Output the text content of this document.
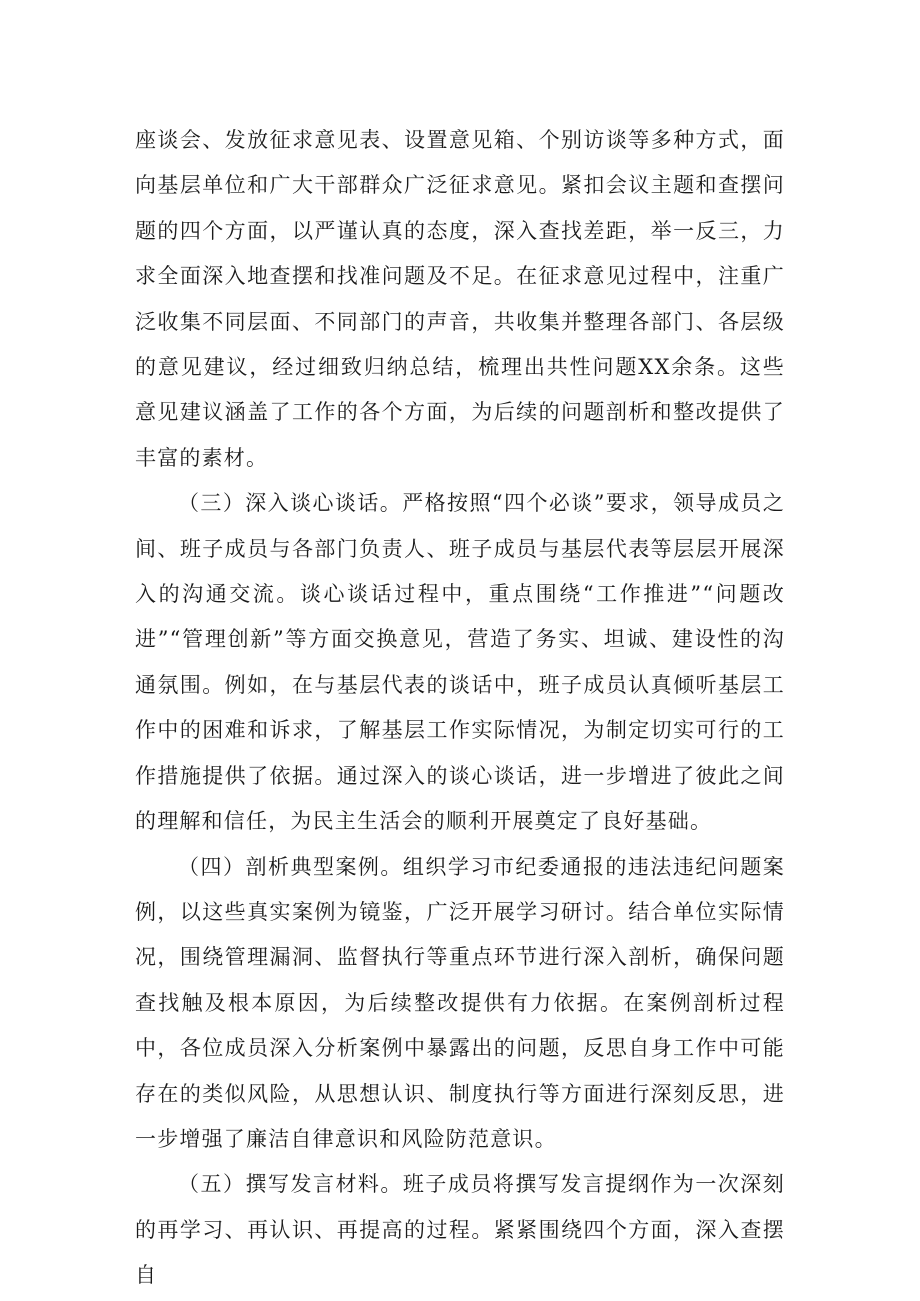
座谈会、发放征求意见表、设置意见箱、个别访谈等多种方式，面向基层单位和广大干部群众广泛征求意见。紧扣会议主题和查摆问题的四个方面，以严谨认真的态度，深入查找差距，举一反三，力求全面深入地查摆和找准问题及不足。在征求意见过程中，注重广泛收集不同层面、不同部门的声音，共收集并整理各部门、各层级的意见建议，经过细致归纳总结，梳理出共性问题XX余条。这些意见建议涵盖了工作的各个方面，为后续的问题剖析和整改提供了丰富的素材。

（三）深入谈心谈话。严格按照“四个必谈”要求，领导成员之间、班子成员与各部门负责人、班子成员与基层代表等层层开展深入的沟通交流。谈心谈话过程中，重点围绕“工作推进”“问题改进”“管理创新”等方面交换意见，营造了务实、坦诚、建设性的沟通氛围。例如，在与基层代表的谈话中，班子成员认真倾听基层工作中的困难和诉求，了解基层工作实际情况，为制定切实可行的工作措施提供了依据。通过深入的谈心谈话，进一步增进了彼此之间的理解和信任，为民主生活会的顺利开展奠定了良好基础。

（四）剖析典型案例。组织学习市纪委通报的违法违纪问题案例，以这些真实案例为镜鉴，广泛开展学习研讨。结合单位实际情况，围绕管理漏洞、监督执行等重点环节进行深入剖析，确保问题查找触及根本原因，为后续整改提供有力依据。在案例剖析过程中，各位成员深入分析案例中暴露出的问题，反思自身工作中可能存在的类似风险，从思想认识、制度执行等方面进行深刻反思，进一步增强了廉洁自律意识和风险防范意识。

（五）撰写发言材料。班子成员将撰写发言提纲作为一次深刻的再学习、再认识、再提高的过程。紧紧围绕四个方面，深入查摆自
